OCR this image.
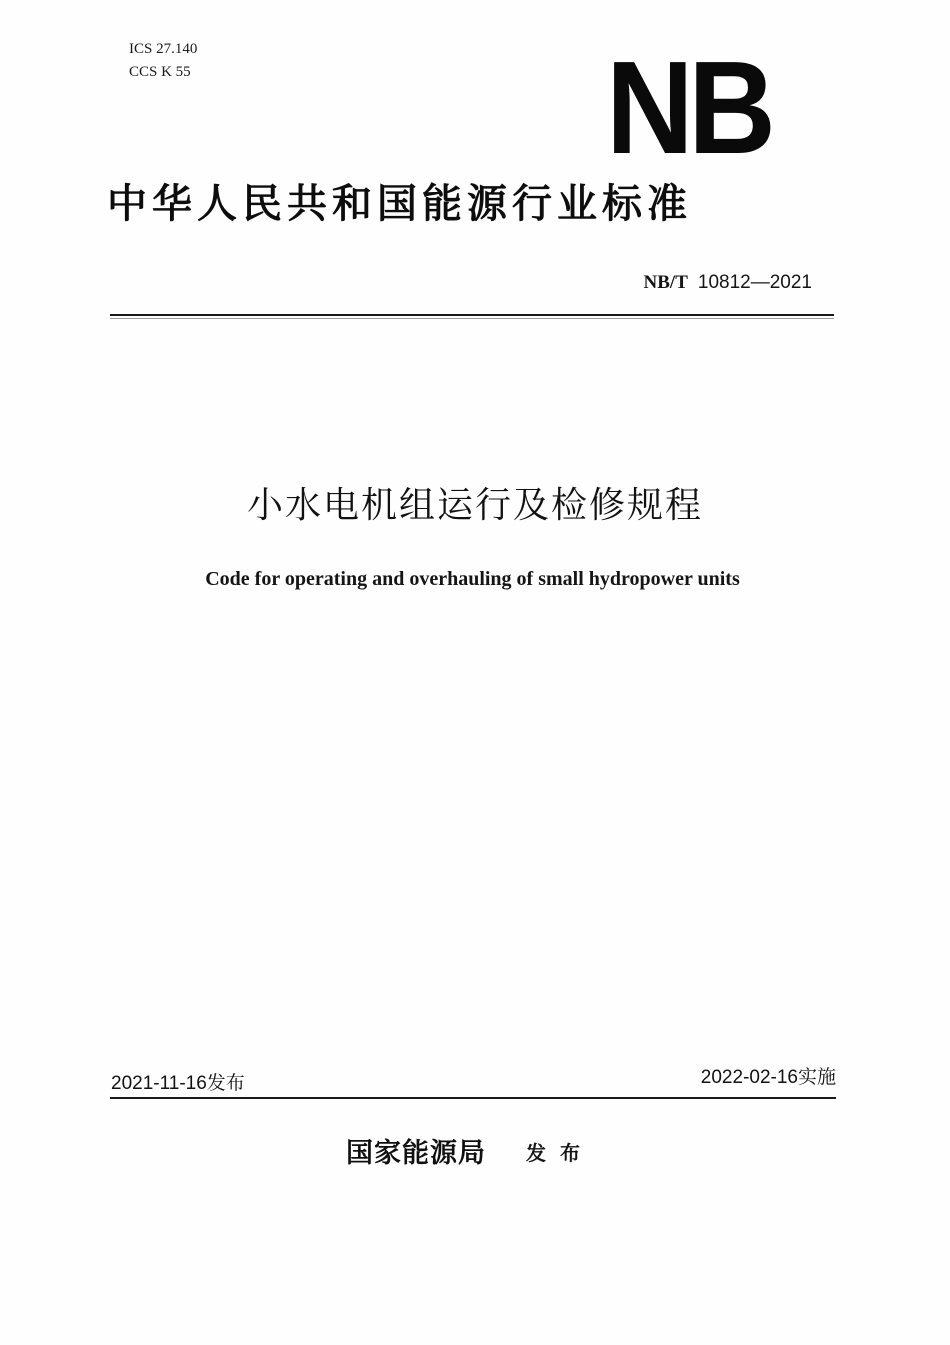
ICS 27.140
CCS K 55	NB
中华人民共和国能源行业标准
NB/T 10812—2021
小水电机组运行及检修规程
Code for operating and overhauling of small hydropower units
2021-11-16发布	2022-02-16实施
国家能源局 发布
